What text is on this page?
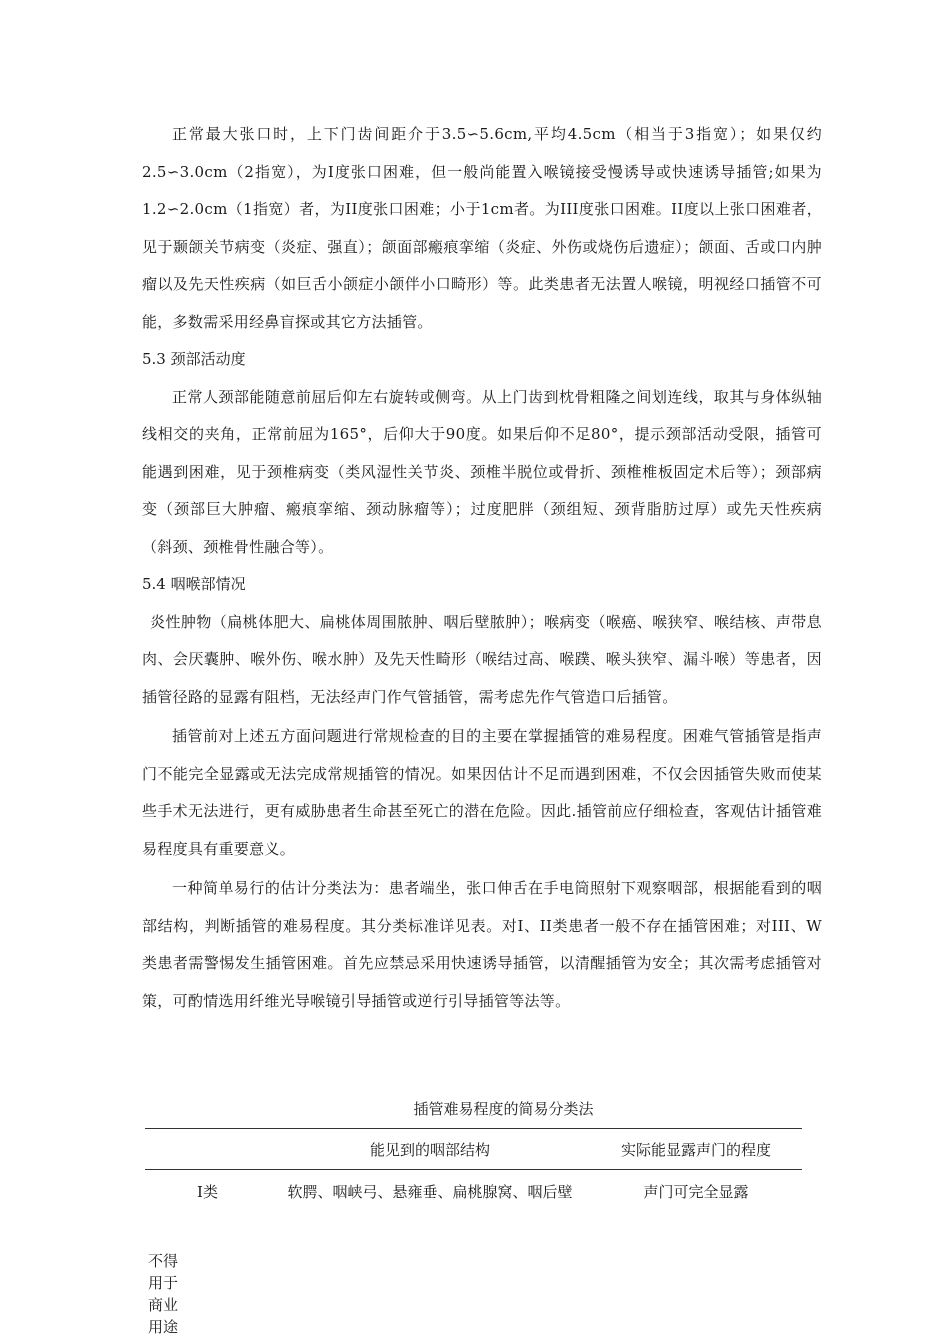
正常最大张口时，上下门齿间距介于3.5∽5.6cm,平均4.5cm（相当于3指宽）；如果仅约2.5∽3.0cm（2指宽），为I度张口困难，但一般尚能置入喉镜接受慢诱导或快速诱导插管;如果为1.2∽2.0cm（1指宽）者，为II度张口困难；小于1cm者。为III度张口困难。II度以上张口困难者，见于颞颌关节病变（炎症、强直）；颌面部瘢痕挛缩（炎症、外伤或烧伤后遗症）；颌面、舌或口内肿瘤以及先天性疾病（如巨舌小颌症小颌伴小口畸形）等。此类患者无法置人喉镜，明视经口插管不可能，多数需采用经鼻盲探或其它方法插管。

5.3 颈部活动度

正常人颈部能随意前屈后仰左右旋转或侧弯。从上门齿到枕骨粗隆之间划连线，取其与身体纵轴线相交的夹角，正常前屈为165°，后仰大于90度。如果后仰不足80°，提示颈部活动受限，插管可能遇到困难，见于颈椎病变（类风湿性关节炎、颈椎半脱位或骨折、颈椎椎板固定术后等）；颈部病变（颈部巨大肿瘤、瘢痕挛缩、颈动脉瘤等）；过度肥胖（颈组短、颈背脂肪过厚）或先天性疾病（斜颈、颈椎骨性融合等）。

5.4 咽喉部情况

炎性肿物（扁桃体肥大、扁桃体周围脓肿、咽后壁脓肿）；喉病变（喉癌、喉狭窄、喉结核、声带息肉、会厌囊肿、喉外伤、喉水肿）及先天性畸形（喉结过高、喉蹼、喉头狭窄、漏斗喉）等患者，因插管径路的显露有阻档，无法经声门作气管插管，需考虑先作气管造口后插管。

插管前对上述五方面问题进行常规检查的目的主要在掌握插管的难易程度。困难气管插管是指声门不能完全显露或无法完成常规插管的情况。如果因估计不足而遇到困难，不仅会因插管失败而使某些手术无法进行，更有威胁患者生命甚至死亡的潜在危险。因此.插管前应仔细检查，客观估计插管难易程度具有重要意义。

一种简单易行的估计分类法为：患者端坐，张口伸舌在手电筒照射下观察咽部，根据能看到的咽部结构，判断插管的难易程度。其分类标准详见表。对I、II类患者一般不存在插管困难；对III、W类患者需警惕发生插管困难。首先应禁忌采用快速诱导插管，以清醒插管为安全；其次需考虑插管对策，可酌情选用纤维光导喉镜引导插管或逆行引导插管等法等。

插管难易程度的简易分类法

	能见到的咽部结构	实际能显露声门的程度
I类	软腭、咽峡弓、悬雍垂、扁桃腺窝、咽后壁	声门可完全显露
不得用于商业用途
